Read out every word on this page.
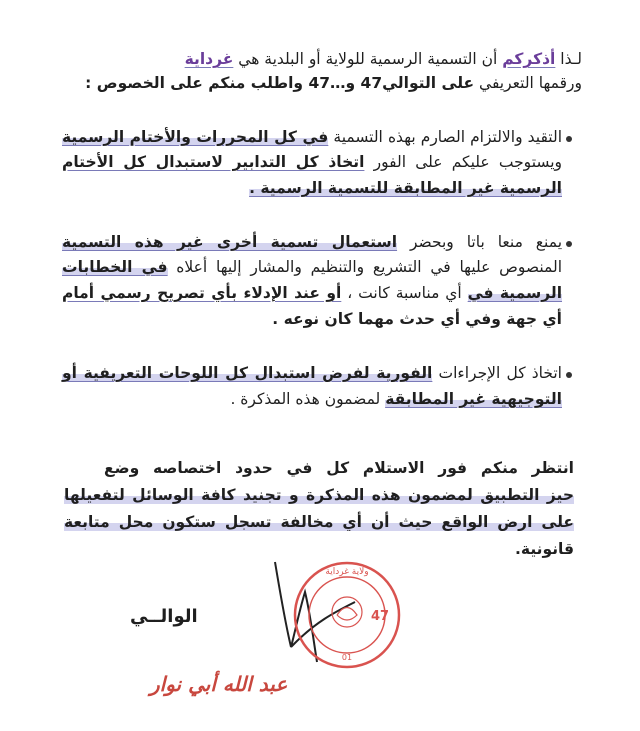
لـذا أذكركم أن التسمية الرسمية للولاية أو البلدية هي غرداية
ورقمها التعريفي على التوالي47 و…47 واطلب منكم على الخصوص :
التقيد والالتزام الصارم بهذه التسمية في كل المحررات والأختام الرسمية
ويستوجب عليكم على الفور اتخاذ كل التدابير لاستبدال كل الأختام
الرسمية غير المطابقة للتسمية الرسمية .
يمنع منعا باتا وبحضر استعمال تسمية أخرى غير هذه التسمية
المنصوص عليها في التشريع والتنظيم والمشار إليها أعلاه في الخطابات
الرسمية في أي مناسبة كانت ، أو عند الإدلاء بأي تصريح رسمي أمام
أي جهة وفي أي حدث مهما كان نوعه .
اتخاذ كل الإجراءات الفورية لفرض استبدال كل اللوحات التعريفية أو
التوجيهية غير المطابقة لمضمون هذه المذكرة .
انتظر منكم فور الاستلام كل في حدود اختصاصه وضع
حيز التطبيق لمضمون هذه المذكرة و تجنيد كافة الوسائل لتفعيلها
على ارض الواقع حيث أن أي مخالفة تسجل ستكون محل متابعة
قانونية.
ولاية غرداية
47
01
الوالــي
عبد الله أبي نوار
